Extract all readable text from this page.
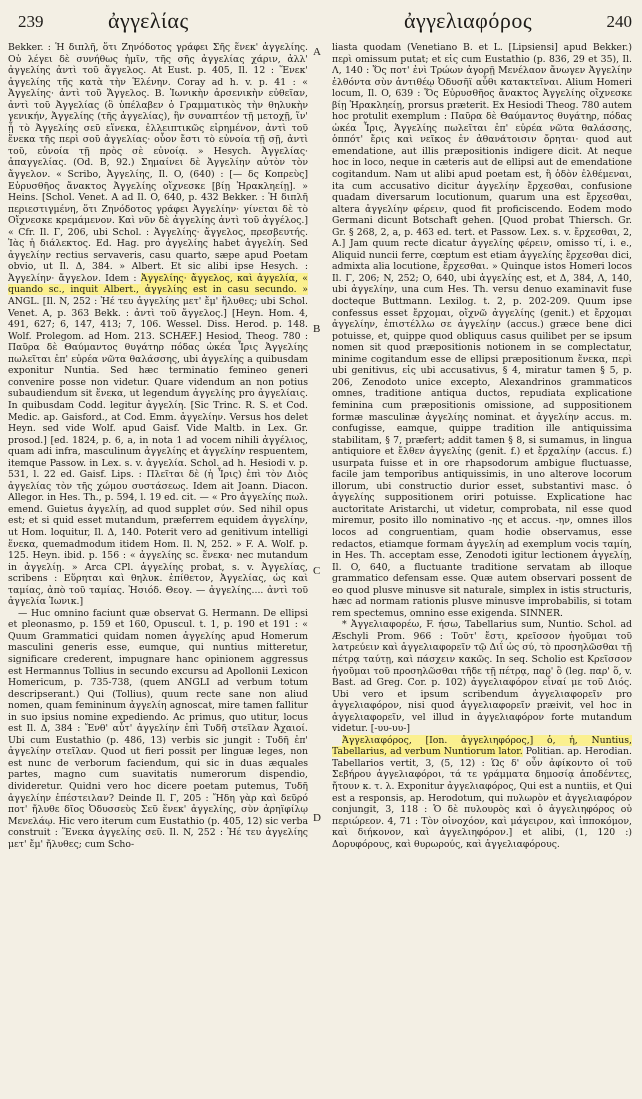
239	ἀγγελίας	ἀγγελιαφόρος	240
A
B
C
D

Bekker. : Ἡ διπλῆ, ὅτι Ζηνόδοτος γράφει Σῆς ἕνεκ' ἀγγελίης. Οὐ λέγει δὲ συνήθως ἡμῖν, τῆς σῆς ἀγγελίας χάριν, ἀλλ' ἀγγελίης ἀντὶ τοῦ ἄγγελος. At Eust. p. 405, Il. 12 : Ἕνεκ' ἀγγελίης τῆς κατὰ τὴν Ἑλένην. Coray ad h. v. p. 41 : « Ἀγγελίης· ἀντὶ τοῦ Ἄγγελος. Β. Ἰωνικὴν ἀρσενικὴν εὐθεῖαν, ἀντὶ τοῦ Ἀγγελίας (ὃ ὑπέλαβεν ὁ Γραμματικὸς τὴν θηλυκὴν γενικήν, Ἀγγελίης (τῆς ἀγγελίας), ἣν συναπτέον τῇ μετοχῇ, ἵν' ᾖ τὸ Ἀγγελίης σεῦ εἵνεκα, ἐλλειπτικῶς εἰρημένον, ἀντὶ τοῦ ἕνεκα τῆς περὶ σοῦ ἀγγελίας· οὗον ἔστι τὸ εὐνοία τῇ σῇ, ἀντὶ τοῦ, εὐνοία τῇ πρὸς σὲ εὐνοίᾳ. » Hesych. Ἀγγελίας· ἀπαγγελίας. (Od. B, 92.) Σημαίνει δὲ Ἀγγελίην αὐτὸν τὸν ἄγγελον. « Scribo, Ἀγγελίης, Il. O, (640) : [— δς Κοπρεὺς] Εὐρυσθῆος ἄνακτος Ἀγγελίης οἴχνεσκε [βίῃ Ἡρακληείῃ]. » Heins. [Schol. Venet. A ad Il. O, 640, p. 432 Bekker. : Ἡ διπλῆ περιεστιγμένη, ὅτι Ζηνόδοτος γράφει Ἀγγελίην· γίνεται δὲ τὸ Οἴχνεσκε κρεμάμενον. Καὶ νῦν δὲ ἀγγελίης ἀντὶ τοῦ ἀγγέλος.] « Cfr. Il. Γ, 206, ubi Schol. : Ἀγγελίης· ἄγγελος, πρεσβευτής. Ἰὰς ἡ διάλεκτος. Ed. Hag. pro ἀγγελίης habet ἀγγελίη. Sed ἀγγελίην rectius servaveris, casu quarto, sæpe apud Poetam obvio, ut Il. Δ, 384. » Albert. Et sic alibi ipse Hesych. : Ἀγγελίην· ἄγγελον. Idem : Ἀγγελίης· ἄγγελος, καὶ ἀγγελία, « quando sc., inquit Albert., ἀγγελίης est in casu secundo. » ANGL. [Il. N, 252 : Ἠέ τευ ἀγγελίης μετ' ἔμ' ἤλυθες; ubi Schol. Venet. A, p. 363 Bekk. : ἀντὶ τοῦ ἄγγελος.] [Heyn. Hom. 4, 491, 627; 6, 147, 413; 7, 106. Wessel. Diss. Herod. p. 148. Wolf. Prolegom. ad Hom. 213. SCHÆF.] Hesiod. Theog. 780 : Παῦρα δὲ Θαύμαντος θυγάτηρ πόδας ὠκέα Ἶρις Ἀγγελίης πωλεῖται ἐπ' εὐρέα νῶτα θαλάσσης, ubi ἀγγελίης a quibusdam exponitur Nuntia. Sed hæc terminatio femineo generi convenire posse non videtur. Quare videndum an non potius subaudiendum sit ἕνεκα, ut legendum ἀγγελίης pro ἀγγελίαις. In quibusdam Codd. legitur ἀγγελίη. [Sic Trinc. R. S. et Cod. Medic. ap. Gaisford., at Cod. Emm. ἀγγελίην. Versus hos delet Heyn. sed vide Wolf. apud Gaisf. Vide Maltb. in Lex. Gr. prosod.] [ed. 1824, p. 6, a, in nota 1 ad vocem nihili ἀγγέλιος, quam adi infra, masculinum ἀγγελίης et ἀγγελίην respuentem, itemque Passow. in Lex. s. v. ἀγγελία. Schol. ad h. Hesiodi v. p. 531, l. 22 ed. Gaisf. Lips. : Πλεῖται δὲ (ἡ Ἶρις) ἐπὶ τὸν Διὸς ἀγγελίας τὸν τῆς χώμου συστάσεως. Idem ait Joann. Diacon. Allegor. in Hes. Th., p. 594, l. 19 ed. cit. — « Pro ἀγγελίης πωλ. emend. Guietus ἀγγελίῃ, ad quod supplet σύν. Sed nihil opus est; et si quid esset mutandum, præferrem equidem ἀγγελίην, ut Hom. loquitur, Il. Δ, 140. Poterit vero ad genitivum intelligi ἕνεκα, quemadmodum itidem Hom. Il. N, 252. » F. A. Wolf. p. 125. Heyn. ibid. p. 156 : « ἀγγελίης sc. ἕνεκα· nec mutandum in ἀγγελίῃ. » Arca CPl. ἀγγελίης probat, s. v. Ἀγγελίας, scribens : Εὕρηται καὶ θηλυκ. ἐπίθετον, Ἀγγελίας, ὡς καὶ ταμίας, ἀπὸ τοῦ ταμίας. Ἡσιόδ. Θεογ. — ἀγγελίης.... ἀντὶ τοῦ ἀγγελία Ἰωνικ.]

— Huc omnino faciunt quæ observat G. Hermann. De ellipsi et pleonasmo, p. 159 et 160, Opuscul. t. 1, p. 190 et 191 : « Quum Grammatici quidam nomen ἀγγελίης apud Homerum masculini generis esse, eumque, qui nuntius mitteretur, significare crederent, impugnare hanc opinionem aggressus est Hermannus Tollius in secundo excursu ad Apollonii Lexicon Homericum, p. 735-738, (quem ANGLI ad verbum totum descripserant.) Qui (Tollius), quum recte sane non aliud nomen, quam femininum ἀγγελίη agnoscat, mire tamen fallitur in suo ipsius nomine expediendo. Ac primus, quo utitur, locus est Il. Δ, 384 : Ἔνθ' αὖτ' ἀγγελίην ἐπὶ Τυδῆ στεῖλαν Ἀχαιοί. Ubi cum Eustathio (p. 486, 13) verbis sic jungit : Τυδῆ ἐπ' ἀγγελίην στεῖλαν. Quod ut fieri possit per linguæ leges, non est nunc de verborum faciendum, qui sic in duas æquales partes, magno cum suavitatis numerorum dispendio, divideretur. Quidni vero hoc dicere poetam putemus, Τυδῆ ἀγγελίην ἐπέστειλαν? Deinde Il. Γ, 205 : Ἤδη γὰρ καὶ δεῦρό ποτ' ἤλυθε δῖος Ὀδυσσεὺς Σεῦ ἕνεκ' ἀγγελίης, σὺν ἀρηϊφίλῳ Μενελάῳ. Hic vero iterum cum Eustathio (p. 405, 12) sic verba construit : Ἕνεκα ἀγγελίης σεῦ. Il. N, 252 : Ἠέ τευ ἀγγελίης μετ' ἔμ' ἤλυθες; cum Scho-

liasta quodam (Venetiano B. et L. [Lipsiensi] apud Bekker.) περὶ omissum putat; et εἰς cum Eustathio (p. 836, 29 et 35), Il. Λ, 140 : Ὅς ποτ' ἐνὶ Τρώων ἀγορῇ Μενέλαον ἄνωγεν Ἀγγελίην ἐλθόντα σὺν ἀντιθέῳ Ὀδυσῆϊ αὖθι κατακτεῖναι. Alium Homeri locum, Il. O, 639 : Ὅς Εὐρυσθῆος ἄνακτος Ἀγγελίης οἴχνεσκε βίῃ Ἡρακληείῃ, prorsus præterit. Ex Hesiodi Theog. 780 autem hoc protulit exemplum : Παῦρα δὲ Θαύμαντος θυγάτηρ, πόδας ὠκέα Ἶρις, Ἀγγελίης πωλεῖται ἐπ' εὐρέα νῶτα θαλάσσης, ὁππότ' ἔρις καὶ νεῖκος ἐν ἀθανάτοισιν ὄρηται· quod aut emendatione, aut illis præpositionis indigere dicit. At neque hoc in loco, neque in cæteris aut de ellipsi aut de emendatione cogitandum. Nam ut alibi apud poetam est, ἢ ὁδὸν ἐλθέμεναι, ita cum accusativo dicitur ἀγγελίην ἔρχεσθαι, confusione quadam diversarum locutionum, quarum una est ἔρχεσθαι, altera ἀγγελίην φέρειν, quod fit proficiscendo. Eodem modo Germani dicunt Botschaft gehen. [Quod probat Thiersch. Gr. Gr. § 268, 2, a, p. 463 ed. tert. et Passow. Lex. s. v. ἔρχεσθαι, 2, A.] Jam quum recte dicatur ἀγγελίης φέρειν, omisso τί, i. e., Aliquid nuncii ferre, cœptum est etiam ἀγγελίης ἔρχεσθαι dici, admixta alia locutione, ἔρχεσθαι. » Quinque istos Homeri locos Il. Γ, 206; N, 252; O, 640, ubi ἀγγελίης est, et Δ, 384, Λ, 140, ubi ἀγγελίην, una cum Hes. Th. versu denuo examinavit fuse docteque Buttmann. Lexilog. t. 2, p. 202-209. Quum ipse confessus esset ἔρχομαι, οἴχνῶ ἀγγελίης (genit.) et ἔρχομαι ἀγγελίην, ἐπιστέλλω σε ἀγγελίην (accus.) græce bene dici potuisse, et, quippe quod obliquus casus quilibet per se ipsum nomen sit quod præpositionis notionem in se complectatur, minime cogitandum esse de ellipsi præpositionum ἕνεκα, περὶ ubi genitivus, εἰς ubi accusativus, § 4, miratur tamen § 5, p. 206, Zenodoto unice excepto, Alexandrinos grammaticos omnes, traditione antiqua ductos, repudiata explicatione feminina cum præpositionis omissione, ad suppositionem formæ masculinæ ἀγγελίης nominat. et ἀγγελίην accus. m. confugisse, eamque, quippe tradition ille antiquissima stabilitam, § 7, præfert; addit tamen § 8, si sumamus, in lingua antiquiore et ἔλθεν ἀγγελίης (genit. f.) et ἔρχαλίην (accus. f.) usurpata fuisse et in ore rhapsodorum ambigue fluctuasse, facile jam temporibus antiquissimis, in uno alterove locorum illorum, ubi constructio durior esset, substantivi masc. ὁ ἀγγελίης suppositionem oriri potuisse. Explicatione hac auctoritate Aristarchi, ut videtur, comprobata, nil esse quod miremur, posito illo nominativo -ης et accus. -ην, omnes illos locos ad congruentiam, quam hodie observamus, esse redactos, etiamque formam ἀγγελίη ad exemplum vocis ταμίη, in Hes. Th. acceptam esse, Zenodoti igitur lectionem ἀγγελίῃ, Il. O, 640, a fluctuante traditione servatam ab illoque grammatico defensam esse. Quæ autem observari possent de eo quod plusve minusve sit naturale, simplex in istis structuris, hæc ad normam rationis plusve minusve improbabilis, si totam rem spectemus, omnino esse exigenda. SINNER.

* Ἀγγελιαφορέω, F. ήσω, Tabellarius sum, Nuntio. Schol. ad Æschyli Prom. 966 : Τοῦτ' ἔστι, κρεῖσσον ἡγοῦμαι τοῦ λατρεύειν καὶ ἀγγελιαφορεῖν τῷ Διΐ ὡς σύ, τὸ προσηλῶσθαι τῇ πέτρᾳ ταύτῃ, καὶ πάσχειν κακῶς. In seq. Scholio est Κρεῖσσον ἡγοῦμαι τοῦ προσηλῶσθαι τῆδε τῇ πέτρᾳ, παρ' ὃ (leg. παρ' ὅ, v. Bast. ad Greg. Cor. p. 102) ἀγγελιαφόρον εἶναί με τοῦ Διός. Ubi vero et ipsum scribendum ἀγγελιαφορεῖν pro ἀγγελιαφόρον, nisi quod ἀγγελιαφορεῖν præivit, vel hoc in ἀγγελιαφορεῖν, vel illud in ἀγγελιαφόρον forte mutandum videtur. [-υυ-υυ-]

Ἀγγελιαφόρος, [Ion. ἀγγελιηφόρος,] ὁ, ἡ, Nuntius, Tabellarius, ad verbum Nuntiorum lator. Politian. ap. Herodian. Tabellarios vertit, 3, (5, 12) : Ὡς δ' οὖν ἀφίκοντο οἱ τοῦ Σεβήρου ἀγγελιαφόροι, τά τε γράμματα δημοσίᾳ ἀποδέντες, ἤτουν κ. τ. λ. Exponitur ἀγγελιαφόρος, Qui est a nuntiis, et Qui est a responsis, ap. Herodotum, qui πυλωρὸν et ἀγγελιαφόρον conjungit, 3, 118 : Ὁ δὲ πυλουρὸς καὶ ὁ ἀγγελιηφόρος οὐ περιώρεον. 4, 71 : Τὸν οἰνοχόον, καὶ μάγειρον, καὶ ἱπποκόμον, καὶ διήκονον, καὶ ἀγγελιηφόρον.] et alibi, (1, 120 :) Δορυφόρους, καὶ θυρωρούς, καὶ ἀγγελιαφόρους.
